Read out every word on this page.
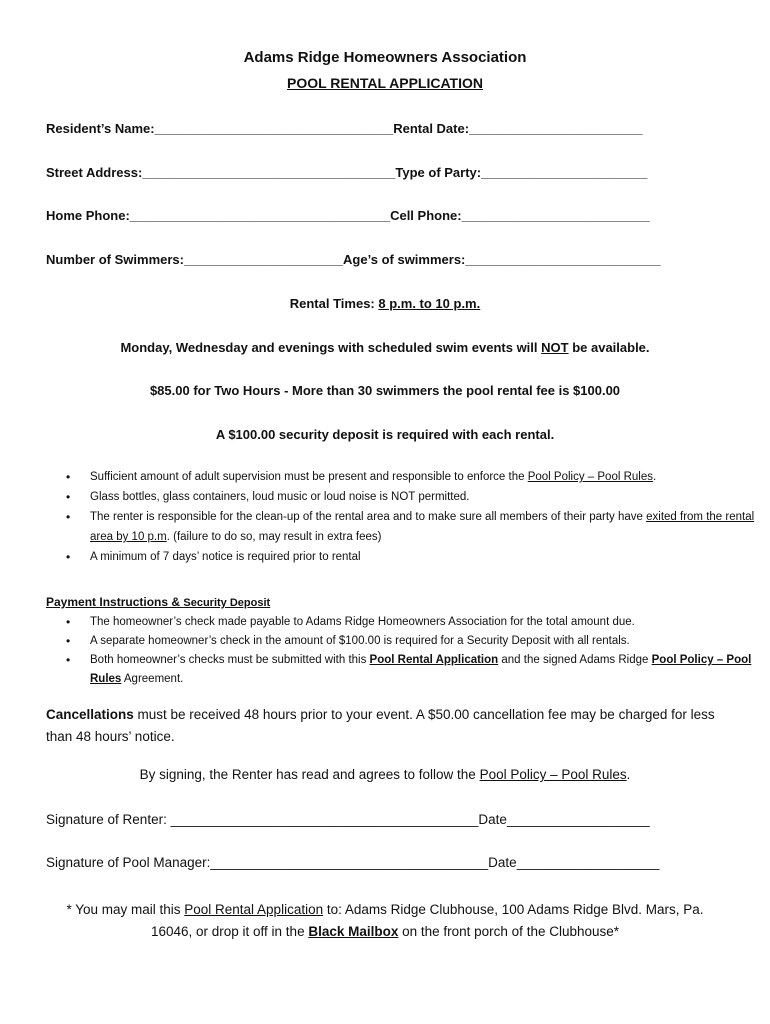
Adams Ridge Homeowners Association
POOL RENTAL APPLICATION
Resident’s Name:_________________________________Rental Date:________________________
Street Address:___________________________________Type of Party:_______________________
Home Phone:____________________________________Cell Phone:__________________________
Number of Swimmers:______________________Age’s of swimmers:___________________________
Rental Times: 8 p.m. to 10 p.m.
Monday, Wednesday and evenings with scheduled swim events will NOT be available.
$85.00 for Two Hours - More than 30 swimmers the pool rental fee is $100.00
A $100.00 security deposit is required with each rental.
• Sufficient amount of adult supervision must be present and responsible to enforce the Pool Policy – Pool Rules.
• Glass bottles, glass containers, loud music or loud noise is NOT permitted.
• The renter is responsible for the clean-up of the rental area and to make sure all members of their party have exited from the rental area by 10 p.m. (failure to do so, may result in extra fees)
• A minimum of 7 days’ notice is required prior to rental
Payment Instructions & Security Deposit
• The homeowner’s check made payable to Adams Ridge Homeowners Association for the total amount due.
• A separate homeowner’s check in the amount of $100.00 is required for a Security Deposit with all rentals.
• Both homeowner’s checks must be submitted with this Pool Rental Application and the signed Adams Ridge Pool Policy – Pool Rules Agreement.
Cancellations must be received 48 hours prior to your event. A $50.00 cancellation fee may be charged for less than 48 hours’ notice.
By signing, the Renter has read and agrees to follow the Pool Policy – Pool Rules.
Signature of Renter: _________________________________________Date___________________
Signature of Pool Manager:_____________________________________Date___________________
* You may mail this Pool Rental Application to: Adams Ridge Clubhouse, 100 Adams Ridge Blvd. Mars, Pa. 16046, or drop it off in the Black Mailbox on the front porch of the Clubhouse*
